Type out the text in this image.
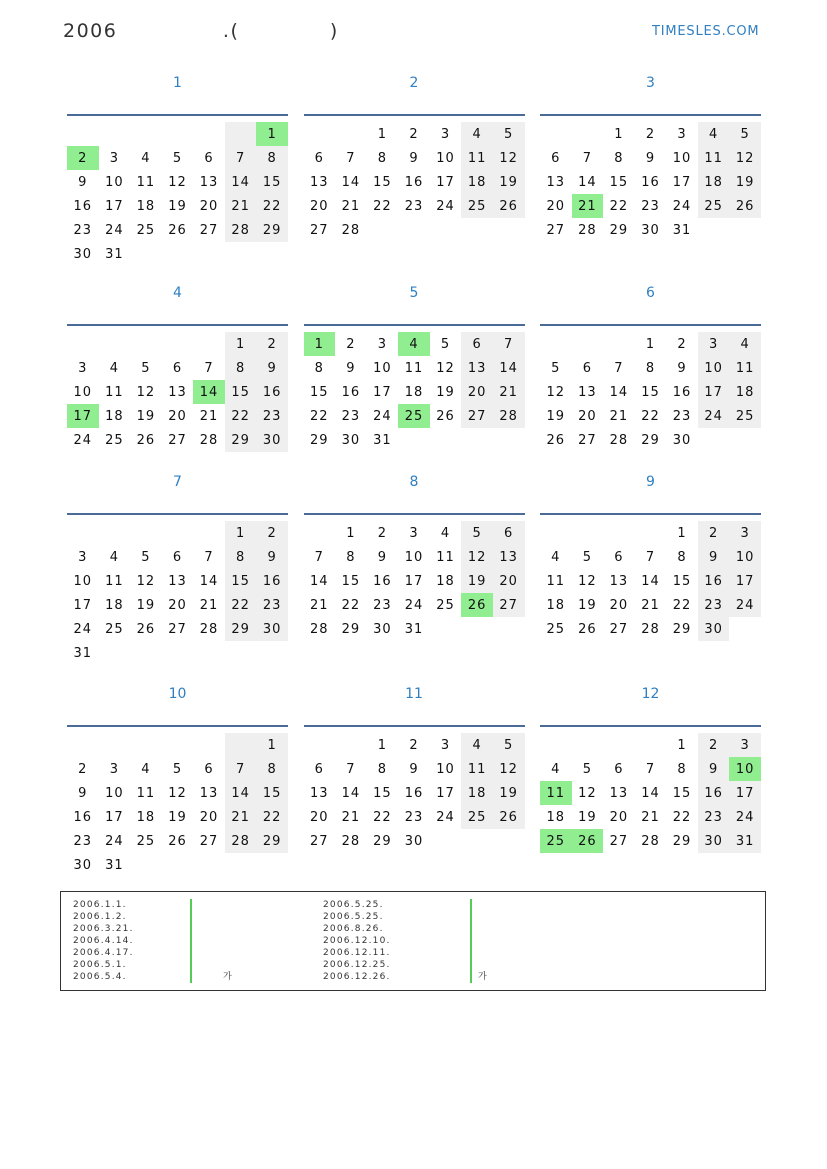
2006              .(            )	TIMESLES.COM
1
						1
2	3	4	5	6	7	8
9	10	11	12	13	14	15
16	17	18	19	20	21	22
23	24	25	26	27	28	29
30	31					
2
		1	2	3	4	5
6	7	8	9	10	11	12
13	14	15	16	17	18	19
20	21	22	23	24	25	26
27	28					
3
		1	2	3	4	5
6	7	8	9	10	11	12
13	14	15	16	17	18	19
20	21	22	23	24	25	26
27	28	29	30	31		
4
					1	2
3	4	5	6	7	8	9
10	11	12	13	14	15	16
17	18	19	20	21	22	23
24	25	26	27	28	29	30
5
1	2	3	4	5	6	7
8	9	10	11	12	13	14
15	16	17	18	19	20	21
22	23	24	25	26	27	28
29	30	31				
6
			1	2	3	4
5	6	7	8	9	10	11
12	13	14	15	16	17	18
19	20	21	22	23	24	25
26	27	28	29	30		
7
					1	2
3	4	5	6	7	8	9
10	11	12	13	14	15	16
17	18	19	20	21	22	23
24	25	26	27	28	29	30
31						
8
	1	2	3	4	5	6
7	8	9	10	11	12	13
14	15	16	17	18	19	20
21	22	23	24	25	26	27
28	29	30	31			
9
				1	2	3
4	5	6	7	8	9	10
11	12	13	14	15	16	17
18	19	20	21	22	23	24
25	26	27	28	29	30	
10
						1
2	3	4	5	6	7	8
9	10	11	12	13	14	15
16	17	18	19	20	21	22
23	24	25	26	27	28	29
30	31					
11
		1	2	3	4	5
6	7	8	9	10	11	12
13	14	15	16	17	18	19
20	21	22	23	24	25	26
27	28	29	30			
12
				1	2	3
4	5	6	7	8	9	10
11	12	13	14	15	16	17
18	19	20	21	22	23	24
25	26	27	28	29	30	31
2006.1.1.
2006.1.2.
2006.3.21.
2006.4.14.
2006.4.17.
2006.5.1.
2006.5.4.	가
2006.5.25.
2006.5.25.
2006.8.26.
2006.12.10.
2006.12.11.
2006.12.25.
2006.12.26.	가
